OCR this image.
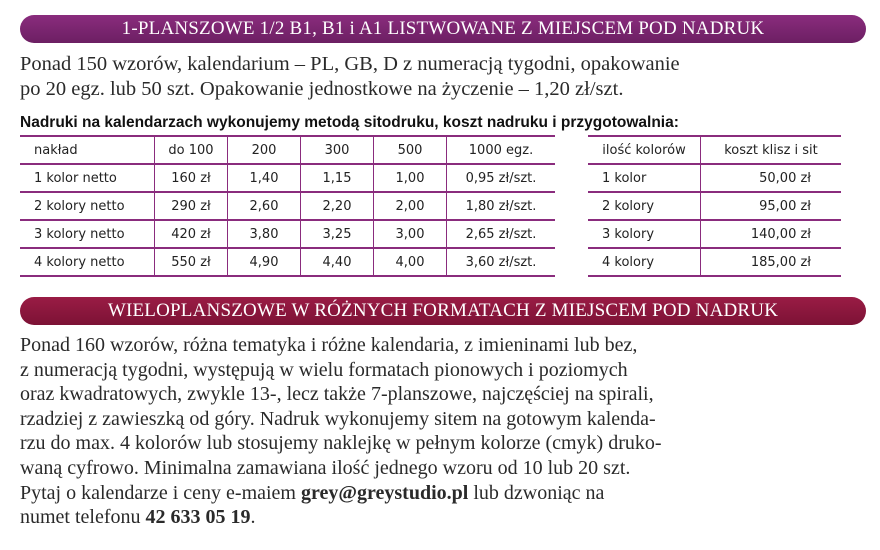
1-PLANSZOWE 1/2 B1, B1 i A1 LISTWOWANE Z MIEJSCEM POD NADRUK
Ponad 150 wzorów, kalendarium – PL, GB, D z numeracją tygodni, opakowanie
po 20 egz. lub 50 szt. Opakowanie jednostkowe na życzenie – 1,20 zł/szt.
Nadruki na kalendarzach wykonujemy metodą sitodruku, koszt nadruku i przygotowalnia:
nakład	do 100	200	300	500	1000 egz.
1 kolor netto	160 zł	1,40	1,15	1,00	0,95 zł/szt.
2 kolory netto	290 zł	2,60	2,20	2,00	1,80 zł/szt.
3 kolory netto	420 zł	3,80	3,25	3,00	2,65 zł/szt.
4 kolory netto	550 zł	4,90	4,40	4,00	3,60 zł/szt.
ilość kolorów	koszt klisz i sit
1 kolor	50,00 zł
2 kolory	95,00 zł
3 kolory	140,00 zł
4 kolory	185,00 zł
WIELOPLANSZOWE W RÓŻNYCH FORMATACH Z MIEJSCEM POD NADRUK
Ponad 160 wzorów, różna tematyka i różne kalendaria, z imieninami lub bez,
z numeracją tygodni, występują w wielu formatach pionowych i poziomych
oraz kwadratowych, zwykle 13-, lecz także 7-planszowe, najczęściej na spirali,
rzadziej z zawieszką od góry. Nadruk wykonujemy sitem na gotowym kalenda-
rzu do max. 4 kolorów lub stosujemy naklejkę w pełnym kolorze (cmyk) druko-
waną cyfrowo. Minimalna zamawiana ilość jednego wzoru od 10 lub 20 szt.
Pytaj o kalendarze i ceny e-maiem grey@greystudio.pl lub dzwoniąc na
numet telefonu 42 633 05 19.
